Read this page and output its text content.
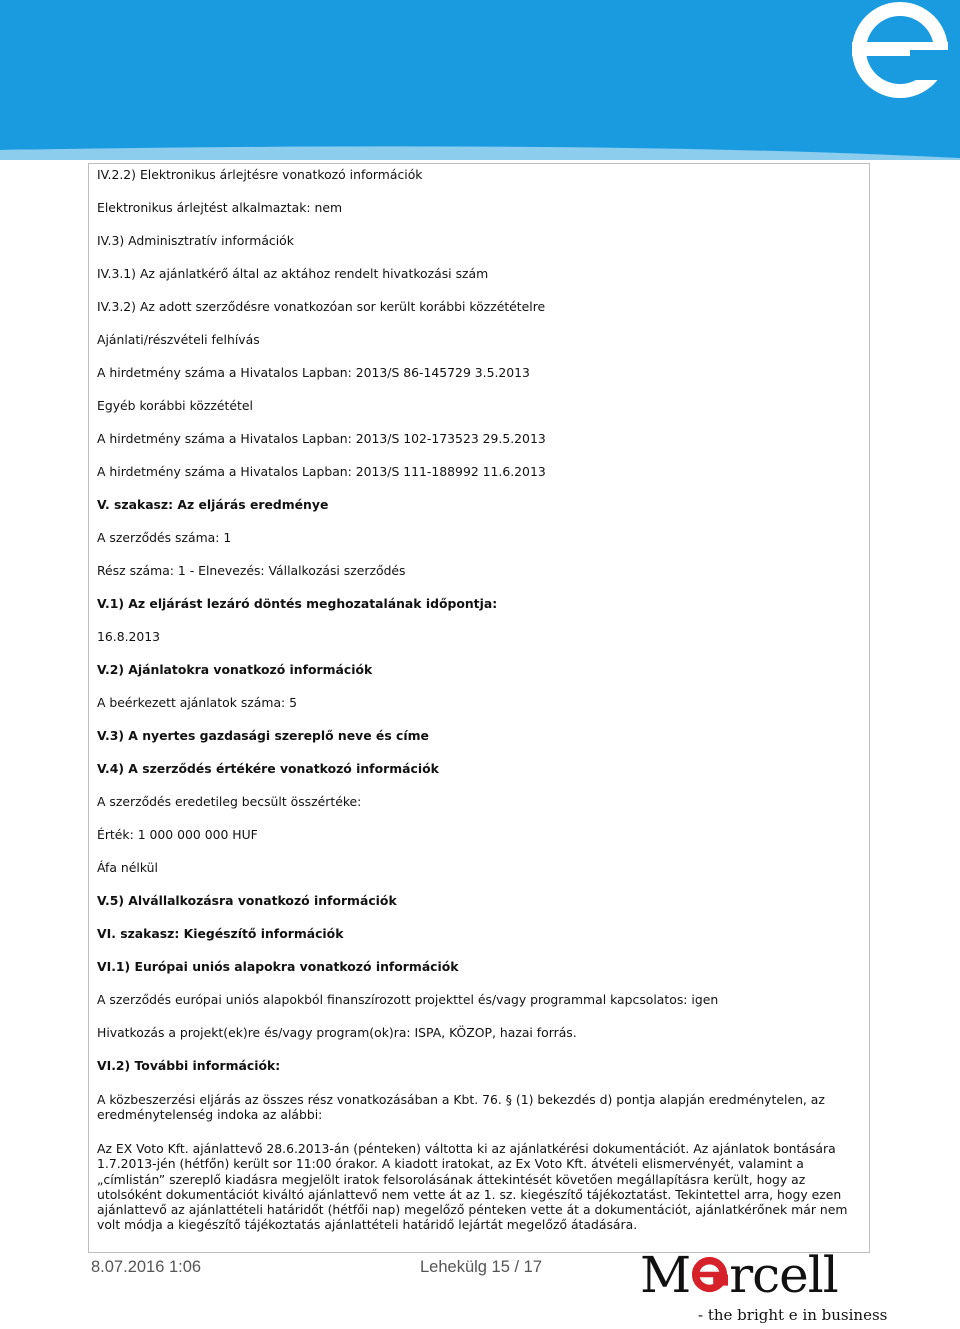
IV.2.2) Elektronikus árlejtésre vonatkozó információk
Elektronikus árlejtést alkalmaztak: nem
IV.3) Adminisztratív információk
IV.3.1) Az ajánlatkérő által az aktához rendelt hivatkozási szám
IV.3.2) Az adott szerződésre vonatkozóan sor került korábbi közzétételre
Ajánlati/részvételi felhívás
A hirdetmény száma a Hivatalos Lapban: 2013/S 86-145729 3.5.2013
Egyéb korábbi közzététel
A hirdetmény száma a Hivatalos Lapban: 2013/S 102-173523 29.5.2013
A hirdetmény száma a Hivatalos Lapban: 2013/S 111-188992 11.6.2013
V. szakasz: Az eljárás eredménye
A szerződés száma: 1
Rész száma: 1 - Elnevezés: Vállalkozási szerződés
V.1) Az eljárást lezáró döntés meghozatalának időpontja:
16.8.2013
V.2) Ajánlatokra vonatkozó információk
A beérkezett ajánlatok száma: 5
V.3) A nyertes gazdasági szereplő neve és címe
V.4) A szerződés értékére vonatkozó információk
A szerződés eredetileg becsült összértéke:
Érték: 1 000 000 000 HUF
Áfa nélkül
V.5) Alvállalkozásra vonatkozó információk
VI. szakasz: Kiegészítő információk
VI.1) Európai uniós alapokra vonatkozó információk
A szerződés európai uniós alapokból finanszírozott projekttel és/vagy programmal kapcsolatos: igen
Hivatkozás a projekt(ek)re és/vagy program(ok)ra: ISPA, KÖZOP, hazai forrás.
VI.2) További információk:
A közbeszerzési eljárás az összes rész vonatkozásában a Kbt. 76. § (1) bekezdés d) pontja alapján eredménytelen, az eredménytelenség indoka az alábbi:
Az EX Voto Kft. ajánlattevő 28.6.2013-án (pénteken) váltotta ki az ajánlatkérési dokumentációt. Az ajánlatok bontására 1.7.2013-jén (hétfőn) került sor 11:00 órakor. A kiadott iratokat, az Ex Voto Kft. átvételi elismervényét, valamint a „címlistán” szereplő kiadásra megjelölt iratok felsorolásának áttekintését követően megállapításra került, hogy az utolsóként dokumentációt kiváltó ajánlattevő nem vette át az 1. sz. kiegészítő tájékoztatást. Tekintettel arra, hogy ezen ajánlattevő az ajánlattételi határidőt (hétfői nap) megelőző pénteken vette át a dokumentációt, ajánlatkérőnek már nem volt módja a kiegészítő tájékoztatás ajánlattételi határidő lejártát megelőző átadására.
8.07.2016 1:06	Lehekülg 15 / 17 M rcell
- the bright e in business
